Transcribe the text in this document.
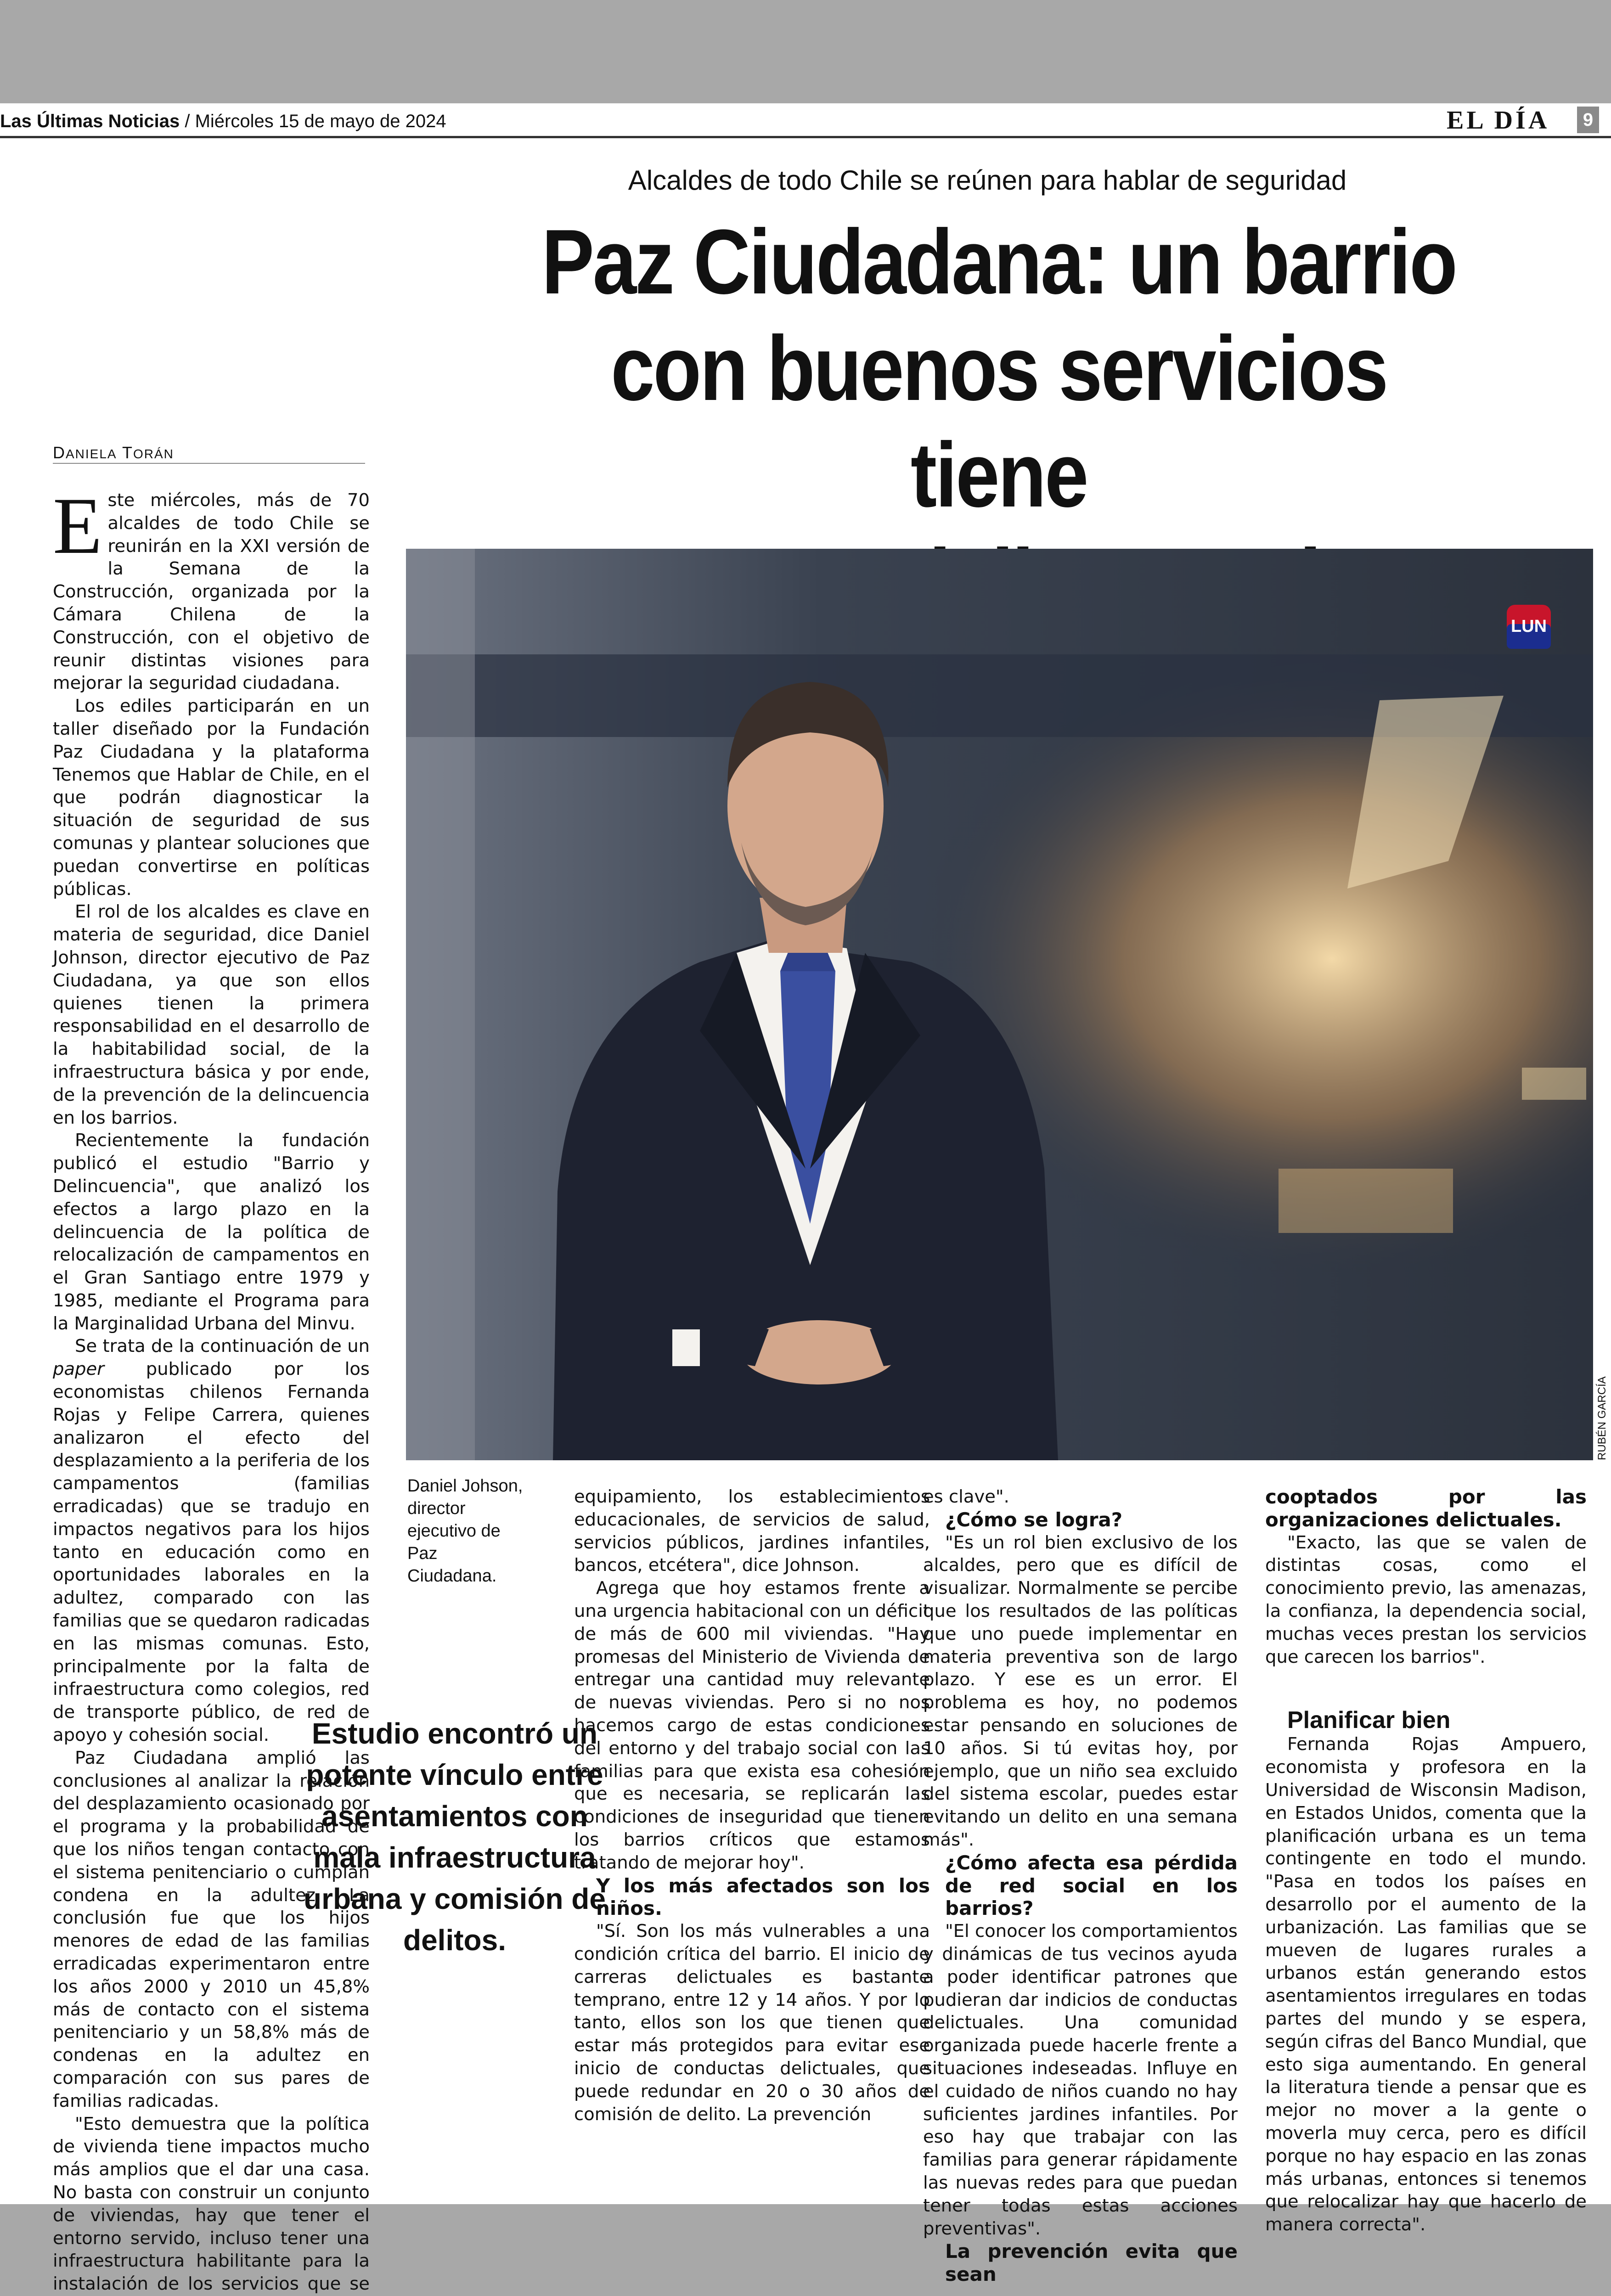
Las Últimas Noticias / Miércoles 15 de mayo de 2024	EL DÍA	9
Alcaldes de todo Chile se reúnen para hablar de seguridad
Paz Ciudadana: un barrio
con buenos servicios tiene
DANIELA TORÁN

Este miércoles, más de 70 alcaldes de todo Chile se reunirán en la XXI versión de la Semana de la Construcción, organizada por la Cámara Chilena de la Construcción, con el objetivo de reunir distintas visiones para mejorar la seguridad ciudadana.

Los ediles participarán en un taller diseñado por la Fundación Paz Ciudadana y la plataforma Tenemos que Hablar de Chile, en el que podrán diagnosticar la situación de seguridad de sus comunas y plantear soluciones que puedan convertirse en políticas públicas.

El rol de los alcaldes es clave en materia de seguridad, dice Daniel Johnson, director ejecutivo de Paz Ciudadana, ya que son ellos quienes tienen la primera responsabilidad en el desarrollo de la habitabilidad social, de la infraestructura básica y por ende, de la prevención de la delincuencia en los barrios.

Recientemente la fundación publicó el estudio "Barrio y Delincuencia", que analizó los efectos a largo plazo en la delincuencia de la política de relocalización de campamentos en el Gran Santiago entre 1979 y 1985, mediante el Programa para la Marginalidad Urbana del Minvu.

Se trata de la continuación de un paper publicado por los economistas chilenos Fernanda Rojas y Felipe Carrera, quienes analizaron el efecto del desplazamiento a la periferia de los campamentos (familias erradicadas) que se tradujo en impactos negativos para los hijos tanto en educación como en oportunidades laborales en la adultez, comparado con las familias que se quedaron radicadas en las mismas comunas. Esto, principalmente por la falta de infraestructura como colegios, red de transporte público, de red de apoyo y cohesión social.

Paz Ciudadana amplió las conclusiones al analizar la relación del desplazamiento ocasionado por el programa y la probabilidad de que los niños tengan contacto con el sistema penitenciario o cumplan condena en la adultez. La conclusión fue que los hijos menores de edad de las familias erradicadas experimentaron entre los años 2000 y 2010 un 45,8% más de contacto con el sistema penitenciario y un 58,8% más de condenas en la adultez en comparación con sus pares de familias radicadas.

"Esto demuestra que la política de vivienda tiene impactos mucho más amplios que el dar una casa. No basta con construir un conjunto de viviendas, hay que tener el entorno servido, incluso tener una infraestructura habilitante para la instalación de los servicios que se

LUN
RUBÉN GARCÍA
Daniel Johson, director ejecutivo de Paz Ciudadana.

equipamiento, los establecimientos educacionales, de servicios de salud, servicios públicos, jardines infantiles, bancos, etcétera", dice Johnson.

Agrega que hoy estamos frente a una urgencia habitacional con un déficit de más de 600 mil viviendas. "Hay promesas del Ministerio de Vivienda de entregar una cantidad muy relevante de nuevas viviendas. Pero si no nos hacemos cargo de estas condiciones del entorno y del trabajo social con las familias para que exista esa cohesión que es necesaria, se replicarán las condiciones de inseguridad que tienen los barrios críticos que estamos tratando de mejorar hoy".

Y los más afectados son los niños.

"Sí. Son los más vulnerables a una condición crítica del barrio. El inicio de carreras delictuales es bastante temprano, entre 12 y 14 años. Y por lo tanto, ellos son los que tienen que estar más protegidos para evitar ese inicio de conductas delictuales, que puede redundar en 20 o 30 años de comisión de delito. La prevención

es clave".

¿Cómo se logra?

"Es un rol bien exclusivo de los alcaldes, pero que es difícil de visualizar. Normalmente se percibe que los resultados de las políticas que uno puede implementar en materia preventiva son de largo plazo. Y ese es un error. El problema es hoy, no podemos estar pensando en soluciones de 10 años. Si tú evitas hoy, por ejemplo, que un niño sea excluido del sistema escolar, puedes estar evitando un delito en una semana más".

¿Cómo afecta esa pérdida de red social en los barrios?

"El conocer los comportamientos y dinámicas de tus vecinos ayuda a poder identificar patrones que pudieran dar indicios de conductas delictuales. Una comunidad organizada puede hacerle frente a situaciones indeseadas. Influye en el cuidado de niños cuando no hay suficientes jardines infantiles. Por eso hay que trabajar con las familias para generar rápidamente las nuevas redes para que puedan tener todas estas acciones preventivas".

La prevención evita que sean
cooptados por las organizaciones delictuales.

"Exacto, las que se valen de distintas cosas, como el conocimiento previo, las amenazas, la confianza, la dependencia social, muchas veces prestan los servicios que carecen los barrios".

Planificar bien

Fernanda Rojas Ampuero, economista y profesora en la Universidad de Wisconsin Madison, en Estados Unidos, comenta que la planificación urbana es un tema contingente en todo el mundo. "Pasa en todos los países en desarrollo por el aumento de la urbanización. Las familias que se mueven de lugares rurales a urbanos están generando estos asentamientos irregulares en todas partes del mundo y se espera, según cifras del Banco Mundial, que esto siga aumentando. En general la literatura tiende a pensar que es mejor no mover a la gente o moverla muy cerca, pero es difícil porque no hay espacio en las zonas más urbanas, entonces si tenemos que relocalizar hay que hacerlo de manera correcta".

Estudio encontró un potente vínculo entre asentamientos con mala infraestructura urbana y comisión de delitos.
